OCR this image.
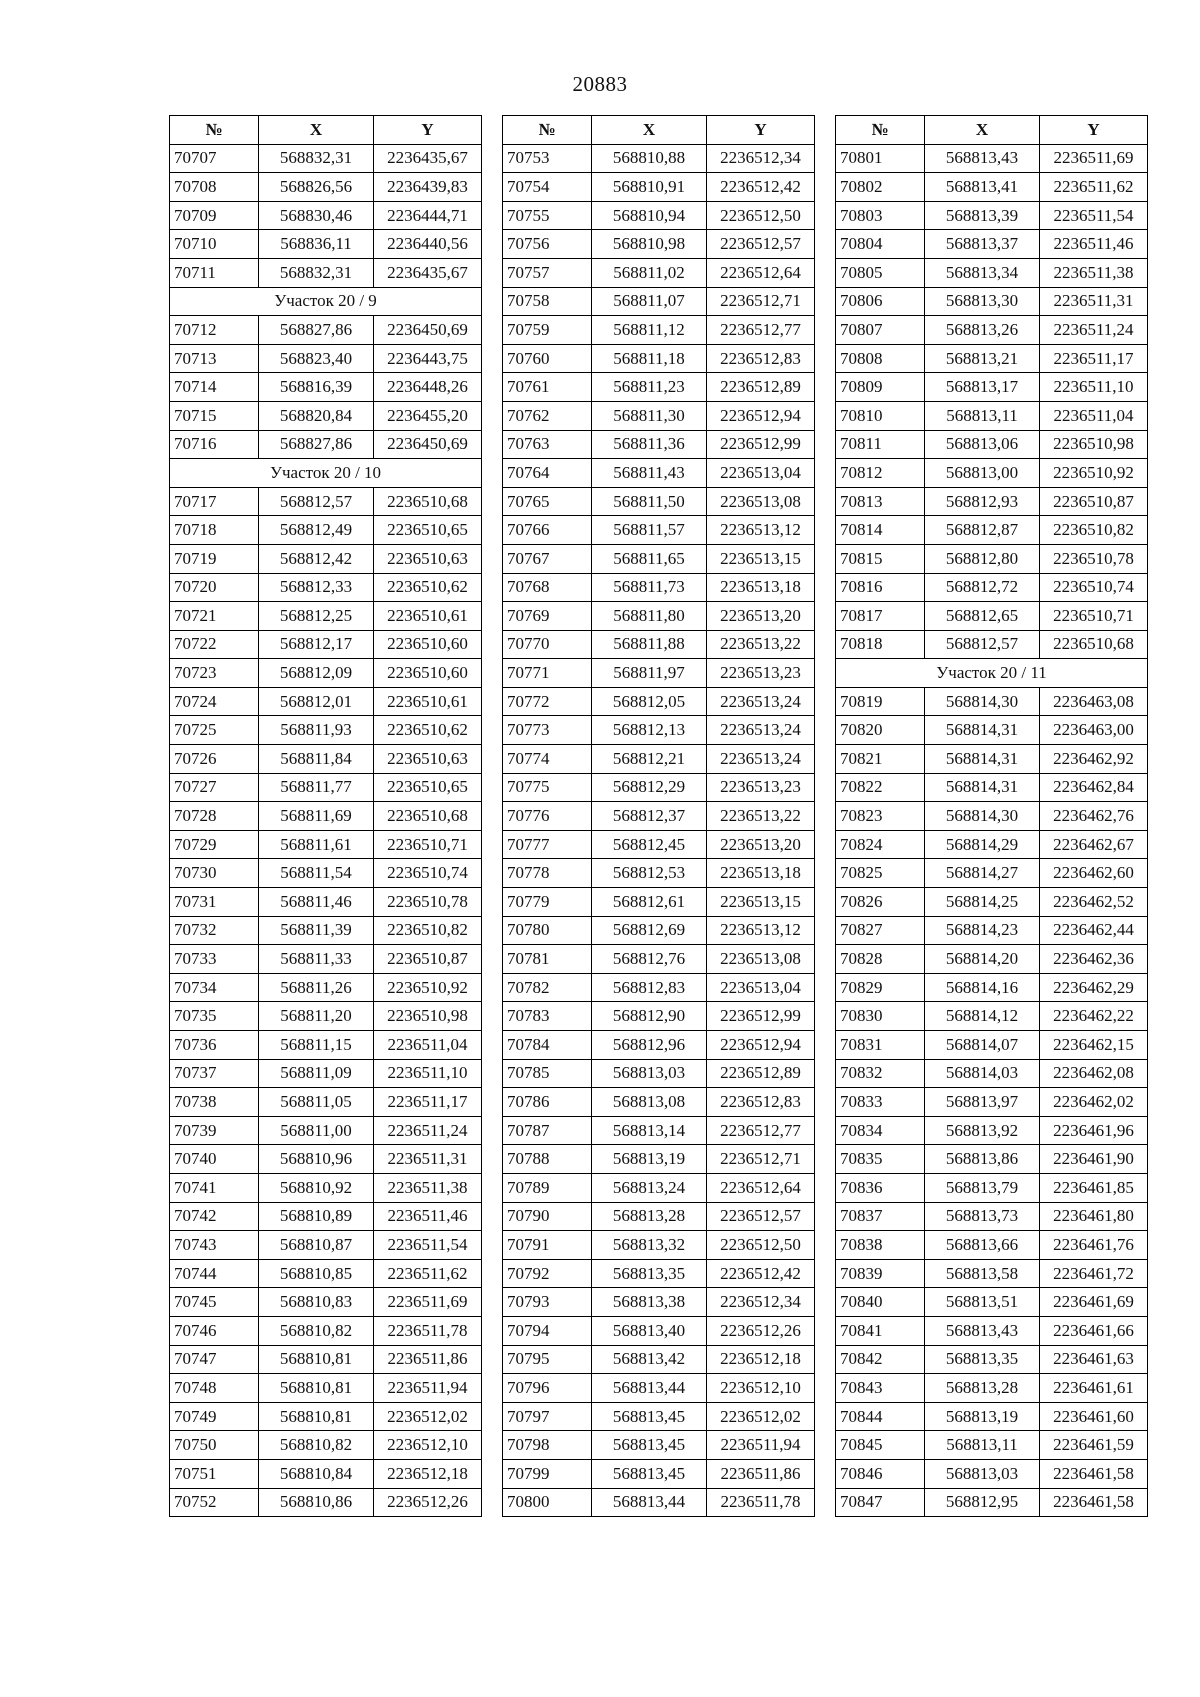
20883
№	X	Y
70707	568832,31	2236435,67
70708	568826,56	2236439,83
70709	568830,46	2236444,71
70710	568836,11	2236440,56
70711	568832,31	2236435,67
Участок 20 / 9		
70712	568827,86	2236450,69
70713	568823,40	2236443,75
70714	568816,39	2236448,26
70715	568820,84	2236455,20
70716	568827,86	2236450,69
Участок 20 / 10		
70717	568812,57	2236510,68
70718	568812,49	2236510,65
70719	568812,42	2236510,63
70720	568812,33	2236510,62
70721	568812,25	2236510,61
70722	568812,17	2236510,60
70723	568812,09	2236510,60
70724	568812,01	2236510,61
70725	568811,93	2236510,62
70726	568811,84	2236510,63
70727	568811,77	2236510,65
70728	568811,69	2236510,68
70729	568811,61	2236510,71
70730	568811,54	2236510,74
70731	568811,46	2236510,78
70732	568811,39	2236510,82
70733	568811,33	2236510,87
70734	568811,26	2236510,92
70735	568811,20	2236510,98
70736	568811,15	2236511,04
70737	568811,09	2236511,10
70738	568811,05	2236511,17
70739	568811,00	2236511,24
70740	568810,96	2236511,31
70741	568810,92	2236511,38
70742	568810,89	2236511,46
70743	568810,87	2236511,54
70744	568810,85	2236511,62
70745	568810,83	2236511,69
70746	568810,82	2236511,78
70747	568810,81	2236511,86
70748	568810,81	2236511,94
70749	568810,81	2236512,02
70750	568810,82	2236512,10
70751	568810,84	2236512,18
70752	568810,86	2236512,26
№	X	Y
70753	568810,88	2236512,34
70754	568810,91	2236512,42
70755	568810,94	2236512,50
70756	568810,98	2236512,57
70757	568811,02	2236512,64
70758	568811,07	2236512,71
70759	568811,12	2236512,77
70760	568811,18	2236512,83
70761	568811,23	2236512,89
70762	568811,30	2236512,94
70763	568811,36	2236512,99
70764	568811,43	2236513,04
70765	568811,50	2236513,08
70766	568811,57	2236513,12
70767	568811,65	2236513,15
70768	568811,73	2236513,18
70769	568811,80	2236513,20
70770	568811,88	2236513,22
70771	568811,97	2236513,23
70772	568812,05	2236513,24
70773	568812,13	2236513,24
70774	568812,21	2236513,24
70775	568812,29	2236513,23
70776	568812,37	2236513,22
70777	568812,45	2236513,20
70778	568812,53	2236513,18
70779	568812,61	2236513,15
70780	568812,69	2236513,12
70781	568812,76	2236513,08
70782	568812,83	2236513,04
70783	568812,90	2236512,99
70784	568812,96	2236512,94
70785	568813,03	2236512,89
70786	568813,08	2236512,83
70787	568813,14	2236512,77
70788	568813,19	2236512,71
70789	568813,24	2236512,64
70790	568813,28	2236512,57
70791	568813,32	2236512,50
70792	568813,35	2236512,42
70793	568813,38	2236512,34
70794	568813,40	2236512,26
70795	568813,42	2236512,18
70796	568813,44	2236512,10
70797	568813,45	2236512,02
70798	568813,45	2236511,94
70799	568813,45	2236511,86
70800	568813,44	2236511,78
№	X	Y
70801	568813,43	2236511,69
70802	568813,41	2236511,62
70803	568813,39	2236511,54
70804	568813,37	2236511,46
70805	568813,34	2236511,38
70806	568813,30	2236511,31
70807	568813,26	2236511,24
70808	568813,21	2236511,17
70809	568813,17	2236511,10
70810	568813,11	2236511,04
70811	568813,06	2236510,98
70812	568813,00	2236510,92
70813	568812,93	2236510,87
70814	568812,87	2236510,82
70815	568812,80	2236510,78
70816	568812,72	2236510,74
70817	568812,65	2236510,71
70818	568812,57	2236510,68
Участок 20 / 11		
70819	568814,30	2236463,08
70820	568814,31	2236463,00
70821	568814,31	2236462,92
70822	568814,31	2236462,84
70823	568814,30	2236462,76
70824	568814,29	2236462,67
70825	568814,27	2236462,60
70826	568814,25	2236462,52
70827	568814,23	2236462,44
70828	568814,20	2236462,36
70829	568814,16	2236462,29
70830	568814,12	2236462,22
70831	568814,07	2236462,15
70832	568814,03	2236462,08
70833	568813,97	2236462,02
70834	568813,92	2236461,96
70835	568813,86	2236461,90
70836	568813,79	2236461,85
70837	568813,73	2236461,80
70838	568813,66	2236461,76
70839	568813,58	2236461,72
70840	568813,51	2236461,69
70841	568813,43	2236461,66
70842	568813,35	2236461,63
70843	568813,28	2236461,61
70844	568813,19	2236461,60
70845	568813,11	2236461,59
70846	568813,03	2236461,58
70847	568812,95	2236461,58
